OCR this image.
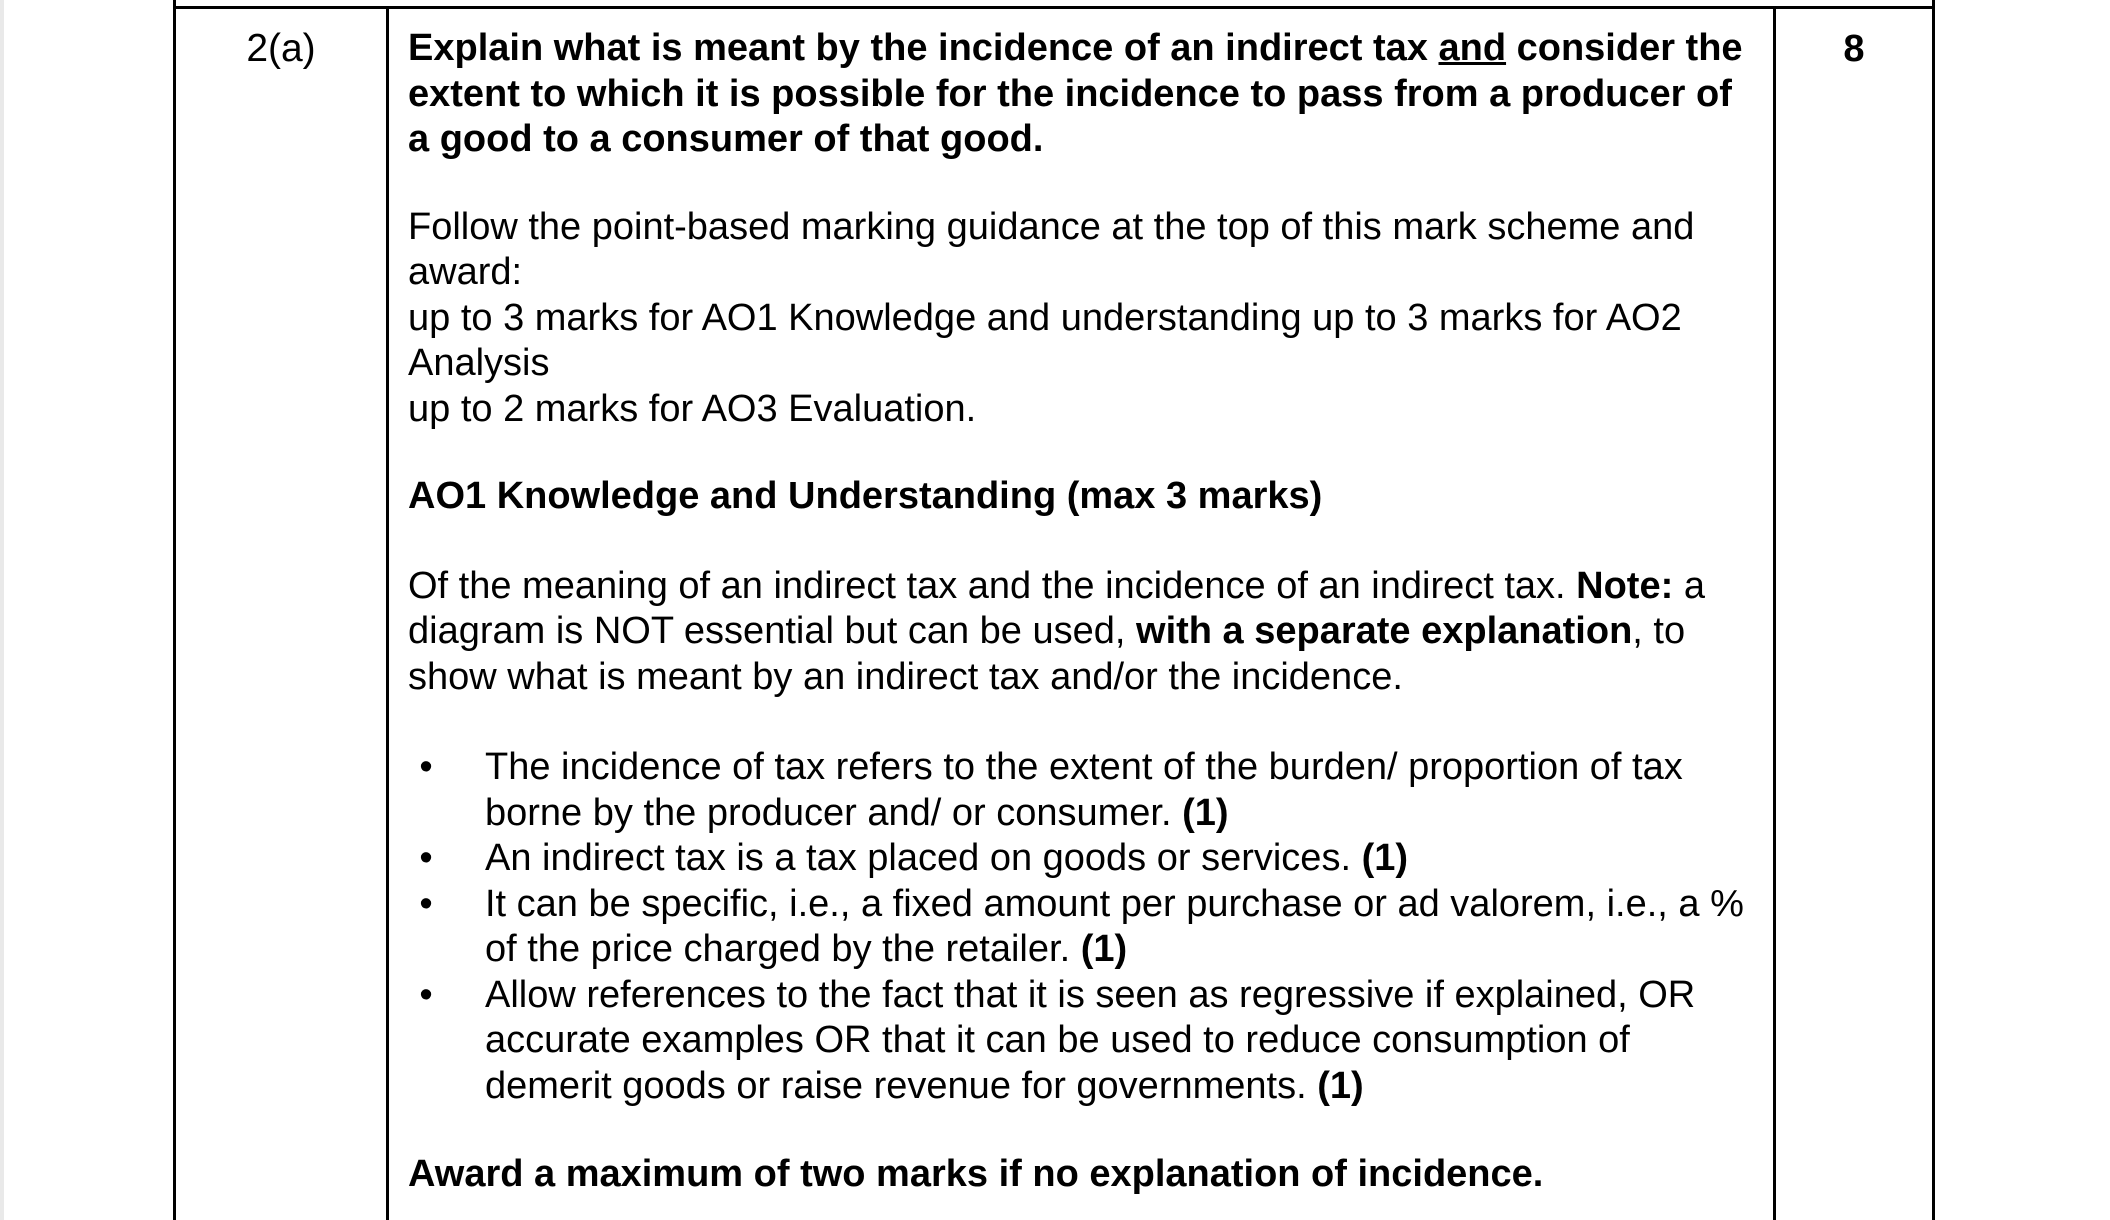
2(a)	8

Explain what is meant by the incidence of an indirect tax and consider the extent to which it is possible for the incidence to pass from a producer of a good to a consumer of that good.

Follow the point-based marking guidance at the top of this mark scheme and award:

up to 3 marks for AO1 Knowledge and understanding up to 3 marks for AO2 Analysis

up to 2 marks for AO3 Evaluation.

AO1 Knowledge and Understanding (max 3 marks)

Of the meaning of an indirect tax and the incidence of an indirect tax. Note: a diagram is NOT essential but can be used, with a separate explanation, to show what is meant by an indirect tax and/or the incidence.

• The incidence of tax refers to the extent of the burden/ proportion of tax borne by the producer and/ or consumer. (1)
• An indirect tax is a tax placed on goods or services. (1)
• It can be specific, i.e., a fixed amount per purchase or ad valorem, i.e., a % of the price charged by the retailer. (1)
• Allow references to the fact that it is seen as regressive if explained, OR accurate examples OR that it can be used to reduce consumption of demerit goods or raise revenue for governments. (1)

Award a maximum of two marks if no explanation of incidence.
